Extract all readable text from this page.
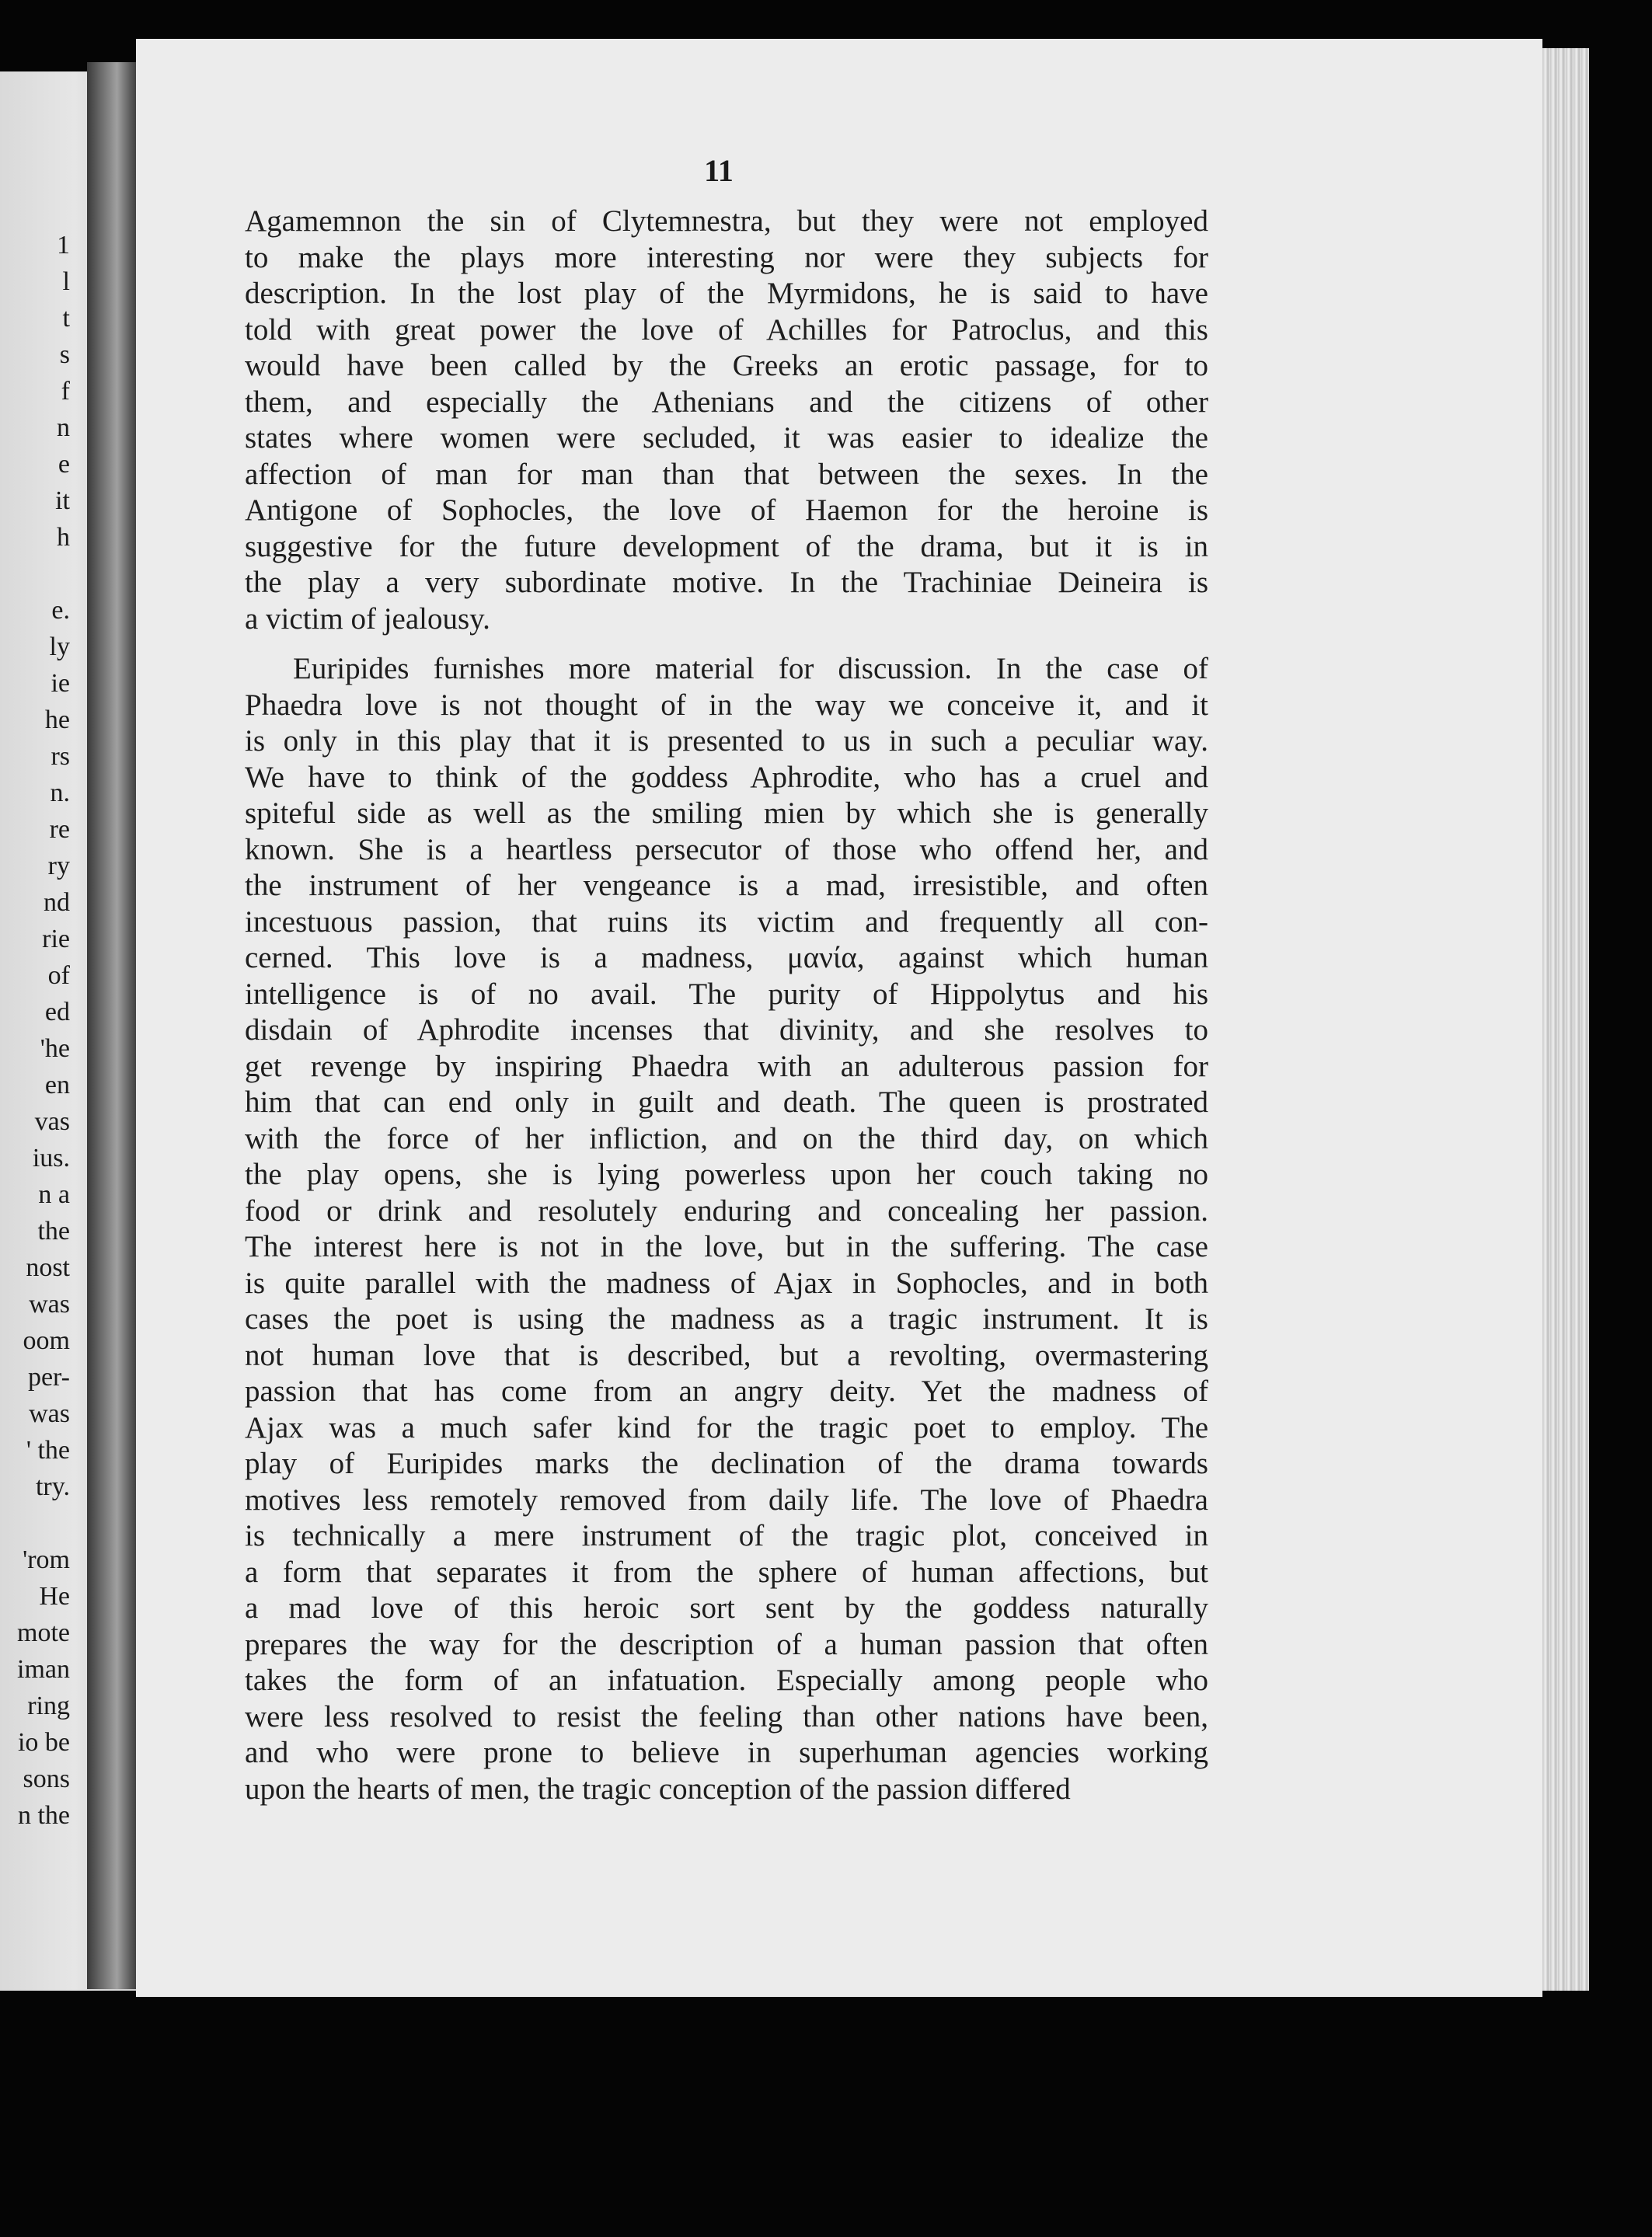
1
l
t
s
f
n
e
it
h
e.
ly
ie
he
rs
n.
re
ry
nd
rie
of
ed
'he
en
vas
ius.
n a
the
nost
was
oom
per-
was
' the
try.
'rom
He
mote
iman
ring
io be
sons
n the
11
Agamemnon the sin of Clytemnestra, but they were not employed
to make the plays more interesting nor were they subjects for
description. In the lost play of the Myrmidons, he is said to have
told with great power the love of Achilles for Patroclus, and this
would have been called by the Greeks an erotic passage, for to
them, and especially the Athenians and the citizens of other
states where women were secluded, it was easier to idealize the
affection of man for man than that between the sexes. In the
Antigone of Sophocles, the love of Haemon for the heroine is
suggestive for the future development of the drama, but it is in
the play a very subordinate motive. In the Trachiniae Deineira is
a victim of jealousy.
Euripides furnishes more material for discussion. In the case of
Phaedra love is not thought of in the way we conceive it, and it
is only in this play that it is presented to us in such a peculiar way.
We have to think of the goddess Aphrodite, who has a cruel and
spiteful side as well as the smiling mien by which she is generally
known. She is a heartless persecutor of those who offend her, and
the instrument of her vengeance is a mad, irresistible, and often
incestuous passion, that ruins its victim and frequently all con-
cerned. This love is a madness, μανία, against which human
intelligence is of no avail. The purity of Hippolytus and his
disdain of Aphrodite incenses that divinity, and she resolves to
get revenge by inspiring Phaedra with an adulterous passion for
him that can end only in guilt and death. The queen is prostrated
with the force of her infliction, and on the third day, on which
the play opens, she is lying powerless upon her couch taking no
food or drink and resolutely enduring and concealing her passion.
The interest here is not in the love, but in the suffering. The case
is quite parallel with the madness of Ajax in Sophocles, and in both
cases the poet is using the madness as a tragic instrument. It is
not human love that is described, but a revolting, overmastering
passion that has come from an angry deity. Yet the madness of
Ajax was a much safer kind for the tragic poet to employ. The
play of Euripides marks the declination of the drama towards
motives less remotely removed from daily life. The love of Phaedra
is technically a mere instrument of the tragic plot, conceived in
a form that separates it from the sphere of human affections, but
a mad love of this heroic sort sent by the goddess naturally
prepares the way for the description of a human passion that often
takes the form of an infatuation. Especially among people who
were less resolved to resist the feeling than other nations have been,
and who were prone to believe in superhuman agencies working
upon the hearts of men, the tragic conception of the passion differed
